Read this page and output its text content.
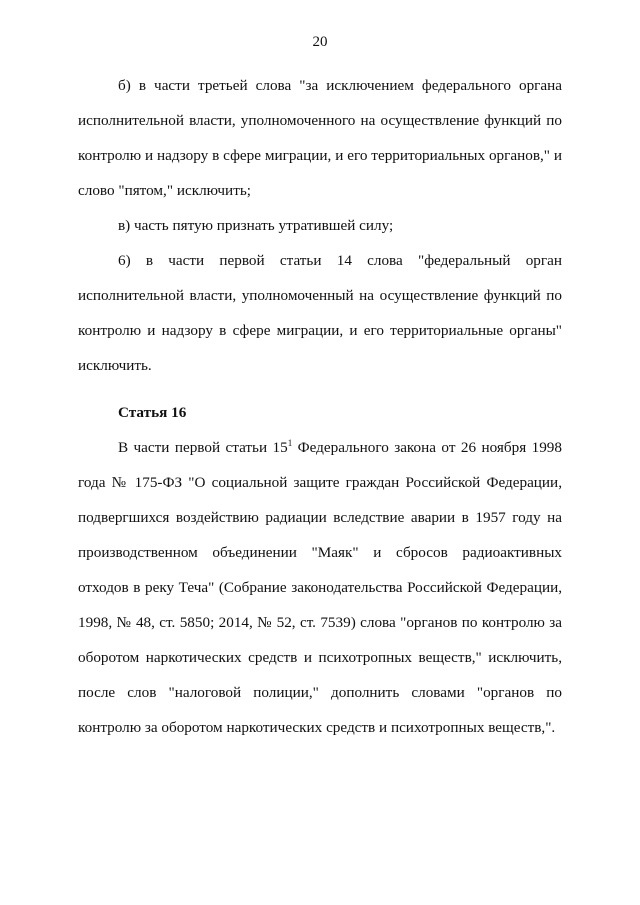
20

б) в части третьей слова "за исключением федерального органа исполнительной власти, уполномоченного на осуществление функций по контролю и надзору в сфере миграции, и его территориальных органов," и слово "пятом," исключить;

в) часть пятую признать утратившей силу;

6) в части первой статьи 14 слова "федеральный орган исполнительной власти, уполномоченный на осуществление функций по контролю и надзору в сфере миграции, и его территориальные органы" исключить.

Статья 16

В части первой статьи $15^1$ Федерального закона от 26 ноября 1998 года № 175-ФЗ "О социальной защите граждан Российской Федерации, подвергшихся воздействию радиации вследствие аварии в 1957 году на производственном объединении "Маяк" и сбросов радиоактивных отходов в реку Теча" (Собрание законодательства Российской Федерации, 1998, № 48, ст. 5850; 2014, № 52, ст. 7539) слова "органов по контролю за оборотом наркотических средств и психотропных веществ," исключить, после слов "налоговой полиции," дополнить словами "органов по контролю за оборотом наркотических средств и психотропных веществ,".
